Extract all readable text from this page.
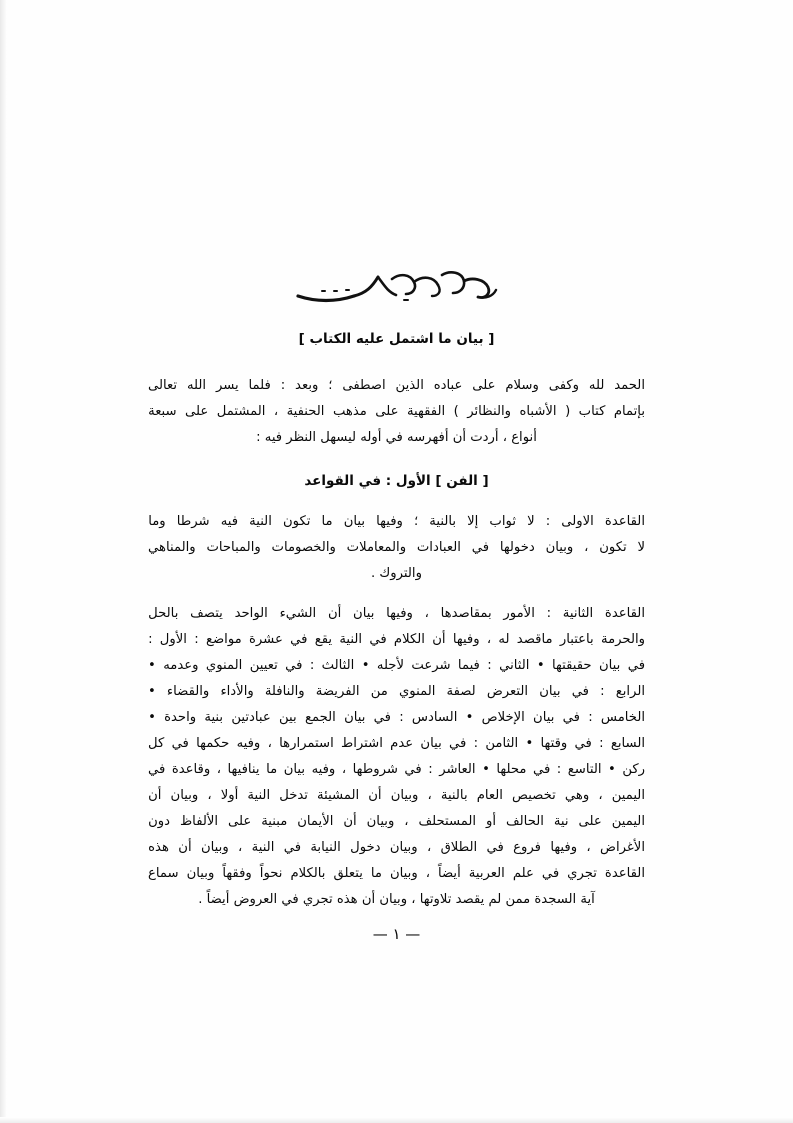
[ بيان ما اشتمل عليه الكتاب ]
الحمد
لله
وكفى
وسلام
على
عباده
الذين
اصطفى
؛
وبعد
:
فلما
يسر
الله
تعالى
بإتمام
كتاب
(
الأشباه
والنظائر
)
الفقهية
على
مذهب
الحنفية
،
المشتمل
على
سبعة
أنواع ، أردت أن أفهرسه في أوله ليسهل النظر فيه :
[ الفن ] الأول : في القواعد
القاعدة
الاولى
:
لا
ثواب
إلا
بالنية
؛
وفيها
بيان
ما
تكون
النية
فيه
شرطا
وما
لا
تكون
،
وبيان
دخولها
في
العبادات
والمعاملات
والخصومات
والمباحات
والمناهي
والتروك .
القاعدة
الثانية
:
الأمور
بمقاصدها
،
وفيها
بيان
أن
الشيء
الواحد
يتصف
بالحل
والحرمة
باعتبار
ماقصد
له
،
وفيها
أن
الكلام
في
النية
يقع
في
عشرة
مواضع
:
الأول
:
في
بيان
حقيقتها
•
الثاني
:
فيما
شرعت
لأجله
•
الثالث
:
في
تعيين
المنوي
وعدمه
•
الرابع
:
في
بيان
التعرض
لصفة
المنوي
من
الفريضة
والنافلة
والأداء
والقضاء
•
الخامس
:
في
بيان
الإخلاص
•
السادس
:
في
بيان
الجمع
بين
عبادتين
بنية
واحدة
•
السابع
:
في
وقتها
•
الثامن
:
في
بيان
عدم
اشتراط
استمرارها
،
وفيه
حكمها
في
كل
ركن
•
التاسع
:
في
محلها
•
العاشر
:
في
شروطها
،
وفيه
بيان
ما
ينافيها
،
وقاعدة
في
اليمين
،
وهي
تخصيص
العام
بالنية
،
وبيان
أن
المشيئة
تدخل
النية
أولا
،
وبيان
أن
اليمين
على
نية
الحالف
أو
المستحلف
،
وبيان
أن
الأيمان
مبنية
على
الألفاظ
دون
الأغراض
،
وفيها
فروع
في
الطلاق
،
وبيان
دخول
النيابة
في
النية
،
وبيان
أن
هذه
القاعدة
تجري
في
علم
العربية
أيضاً
،
وبيان
ما
يتعلق
بالكلام
نحواً
وفقهاً
وبيان
سماع
آية السجدة ممن لم يقصد تلاوتها ، وبيان أن هذه تجري في العروض أيضاً .
— ١ —
